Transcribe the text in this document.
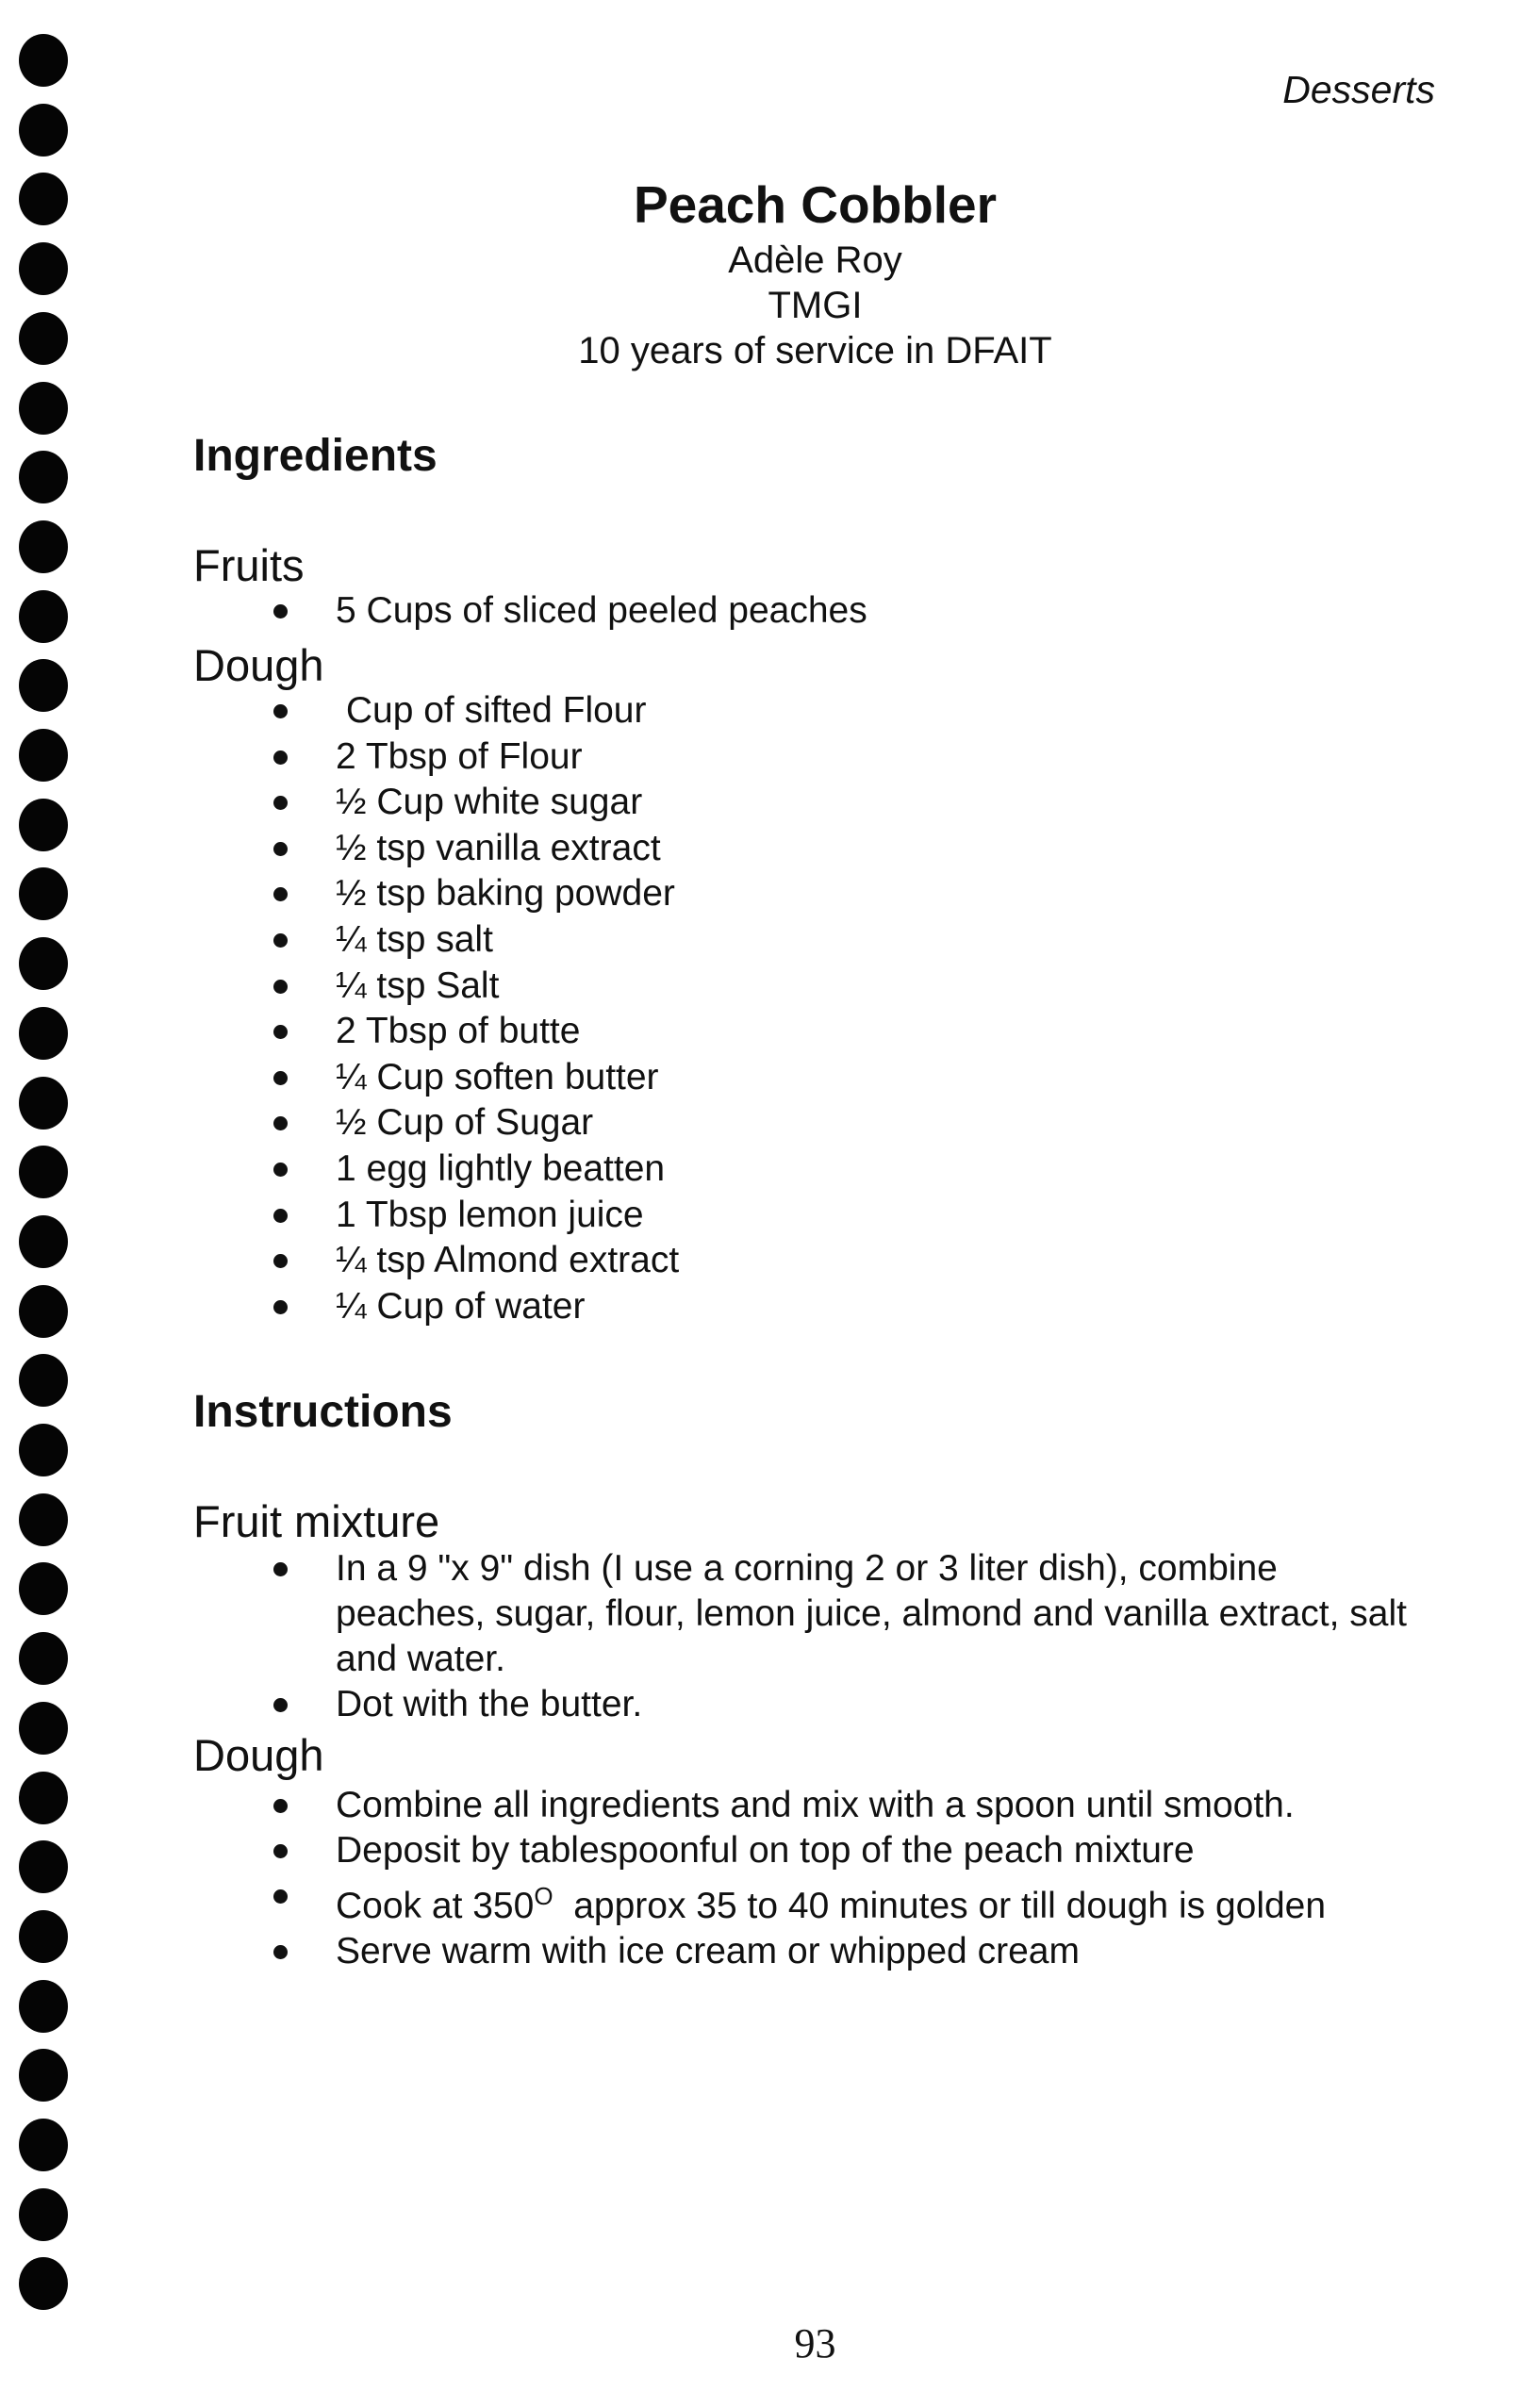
Desserts
Peach Cobbler
Adèle Roy
TMGI
10 years of service in DFAIT
Ingredients
Fruits
5 Cups of sliced peeled peaches
Dough
Cup of sifted Flour
2 Tbsp of Flour
½ Cup white sugar
½ tsp vanilla extract
½ tsp baking powder
¼ tsp salt
¼ tsp Salt
2 Tbsp of butte
¼ Cup soften butter
½ Cup of Sugar
1 egg lightly beatten
1 Tbsp lemon juice
¼ tsp Almond extract
¼ Cup of water
Instructions
Fruit mixture
In a 9 "x 9" dish (I use a corning 2 or 3 liter dish), combine peaches, sugar, flour, lemon juice, almond and vanilla extract, salt and water.
Dot with the butter.
Dough
Combine all ingredients and mix with a spoon until smooth.
Deposit by tablespoonful on top of the peach mixture
Cook at $350^O$  approx 35 to 40 minutes or till dough is golden
Serve warm with ice cream or whipped cream
93
